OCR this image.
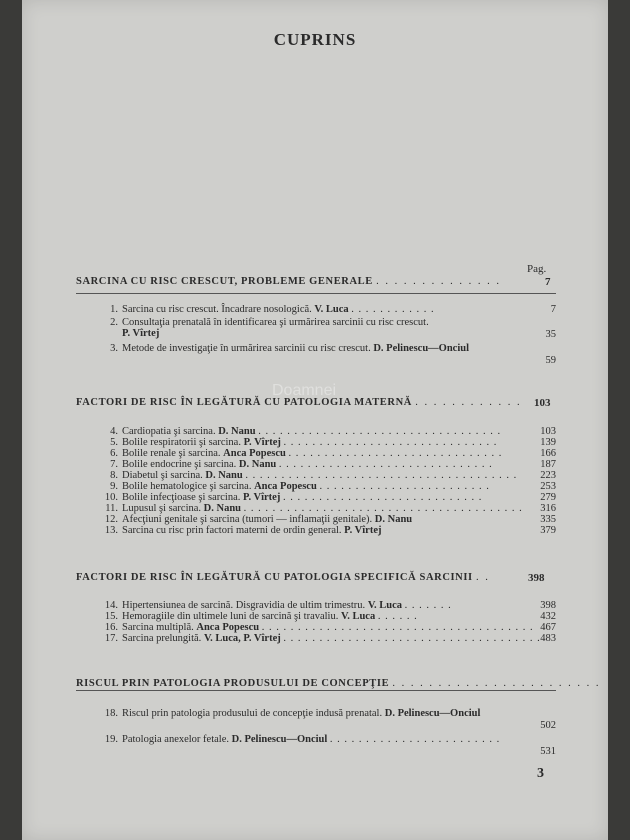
CUPRINS
Pag.
SARCINA CU RISC CRESCUT, PROBLEME GENERALE . . . . . . . . . . . . . .	7
1. Sarcina cu risc crescut. Încadrare nosologică. V. Luca . . . . . . . . . . . .	7
2. Consultaţia prenatală în identificarea şi urmărirea sarcinii cu risc crescut.
P. Vîrtej	35
3. Metode de investigaţie în urmărirea sarcinii cu risc crescut. D. Pelinescu—Onciul
59
FACTORI DE RISC ÎN LEGĂTURĂ CU PATOLOGIA MATERNĂ . . . . . . . . . . . . 103
4. Cardiopatia şi sarcina. D. Nanu . . . . . . . . . . . . . . . . . . . . . . . . . . . . . . . . . .	103
5. Bolile respiratorii şi sarcina. P. Vîrtej . . . . . . . . . . . . . . . . . . . . . . . . . . . . . .	139
6. Bolile renale şi sarcina. Anca Popescu . . . . . . . . . . . . . . . . . . . . . . . . . . . . . .	166
7. Bolile endocrine şi sarcina. D. Nanu . . . . . . . . . . . . . . . . . . . . . . . . . . . . . .	187
8. Diabetul şi sarcina. D. Nanu . . . . . . . . . . . . . . . . . . . . . . . . . . . . . . . . . . . . . .	223
9. Bolile hematologice şi sarcina. Anca Popescu . . . . . . . . . . . . . . . . . . . . . . . .	253
10. Bolile infecţioase şi sarcina. P. Vîrtej . . . . . . . . . . . . . . . . . . . . . . . . . . . .	279
11. Lupusul şi sarcina. D. Nanu . . . . . . . . . . . . . . . . . . . . . . . . . . . . . . . . . . . . . . .	316
12. Afecţiuni genitale şi sarcina (tumori — inflamaţii genitale). D. Nanu	335
13. Sarcina cu risc prin factori materni de ordin general. P. Vîrtej	379
FACTORI DE RISC ÎN LEGĂTURĂ CU PATOLOGIA SPECIFICĂ SARCINII . .	398
14. Hipertensiunea de sarcină. Disgravidia de ultim trimestru. V. Luca . . . . . . .	398
15. Hemoragiile din ultimele luni de sarcină şi travaliu. V. Luca . . . . . .	432
16. Sarcina multiplă. Anca Popescu . . . . . . . . . . . . . . . . . . . . . . . . . . . . . . . . . . . . . . 467
17. Sarcina prelungită. V. Luca, P. Vîrtej . . . . . . . . . . . . . . . . . . . . . . . . . . . . . . . . . . . . 483
RISCUL PRIN PATOLOGIA PRODUSULUI DE CONCEPŢIE . . . . . . . . . . . . . . . . . . . . . . .
18. Riscul prin patologia produsului de concepţie indusă prenatal. D. Pelinescu—Onciul
502
19. Patologia anexelor fetale. D. Pelinescu—Onciul . . . . . . . . . . . . . . . . . . . . . . . .
531
3
Doamnei
